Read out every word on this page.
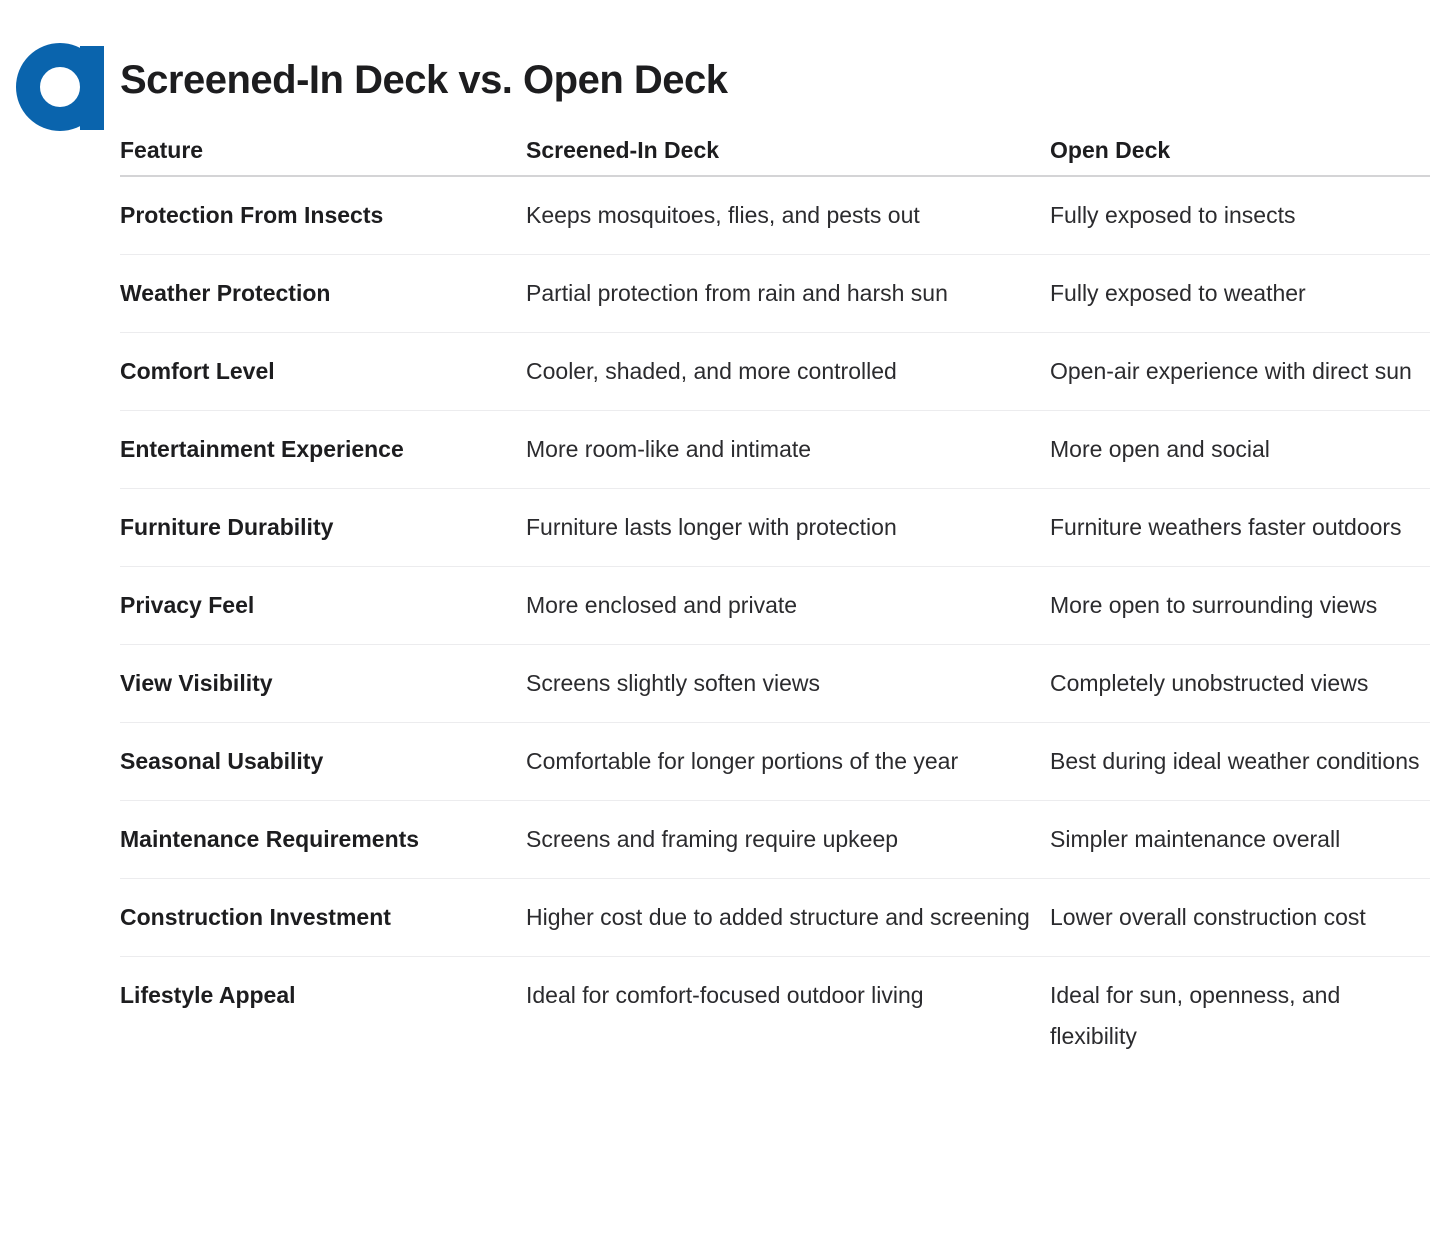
Screened-In Deck vs. Open Deck
Feature	Screened-In Deck	Open Deck
Protection From Insects	Keeps mosquitoes, flies, and pests out	Fully exposed to insects
Weather Protection	Partial protection from rain and harsh sun	Fully exposed to weather
Comfort Level	Cooler, shaded, and more controlled	Open-air experience with direct sun
Entertainment Experience	More room-like and intimate	More open and social
Furniture Durability	Furniture lasts longer with protection	Furniture weathers faster outdoors
Privacy Feel	More enclosed and private	More open to surrounding views
View Visibility	Screens slightly soften views	Completely unobstructed views
Seasonal Usability	Comfortable for longer portions of the year	Best during ideal weather conditions
Maintenance Requirements	Screens and framing require upkeep	Simpler maintenance overall
Construction Investment	Higher cost due to added structure and screening	Lower overall construction cost
Lifestyle Appeal	Ideal for comfort-focused outdoor living	Ideal for sun, openness, and flexibility
